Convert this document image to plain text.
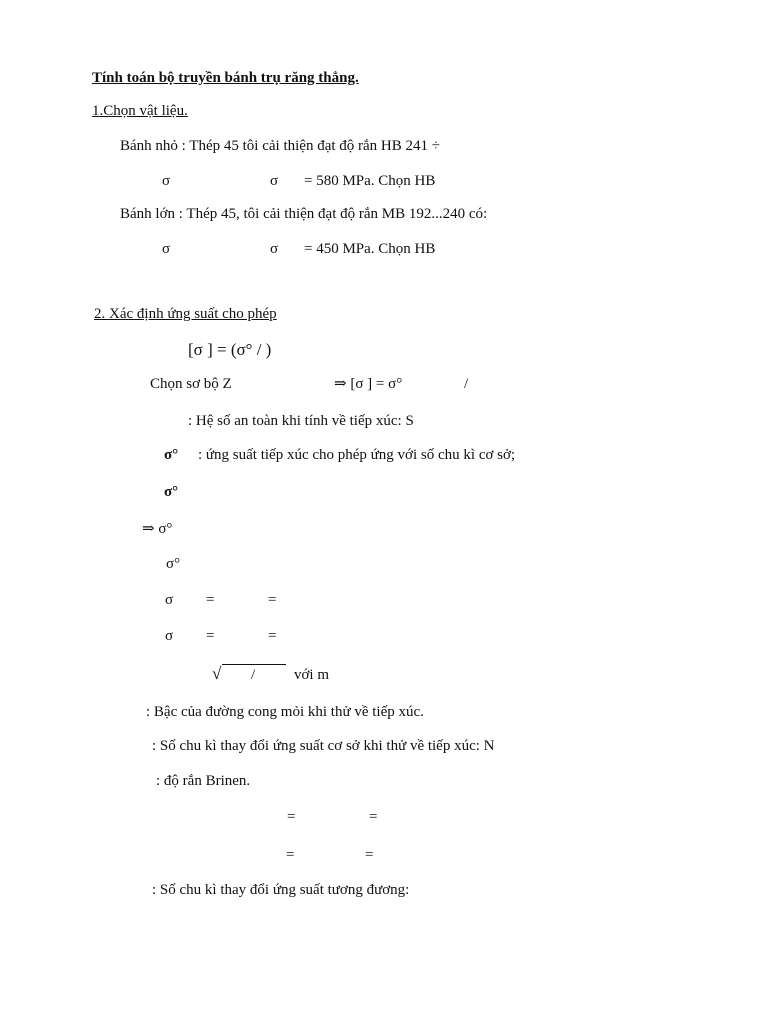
Tính toán bộ truyền bánh trụ răng thẳng.
1.Chọn vật liệu.
Bánh nhỏ : Thép 45 tôi cải thiện đạt độ rắn HB 241 ÷
σ	σ = 580 MPa. Chọn HB
Bánh lớn : Thép 45, tôi cải thiện đạt độ rắn MB 192...240 có:
σ	σ = 450 MPa. Chọn HB
2. Xác định ứng suất cho phép
[σ ] = (σ° / )
Chọn sơ bộ Z	⇒ [σ ] = σ°	/
: Hệ số an toàn khi tính về tiếp xúc: S
σ° : ứng suất tiếp xúc cho phép ứng với số chu kì cơ sở;
σ°
⇒ σ°
σ°
σ =	=
σ =	=
√ /	với m
: Bậc của đường cong mỏi khi thử về tiếp xúc.
: Số chu kì thay đổi ứng suất cơ sở khi thử về tiếp xúc: N
: độ rắn Brinen.
=	=
=	=
: Số chu kì thay đổi ứng suất tương đương:
